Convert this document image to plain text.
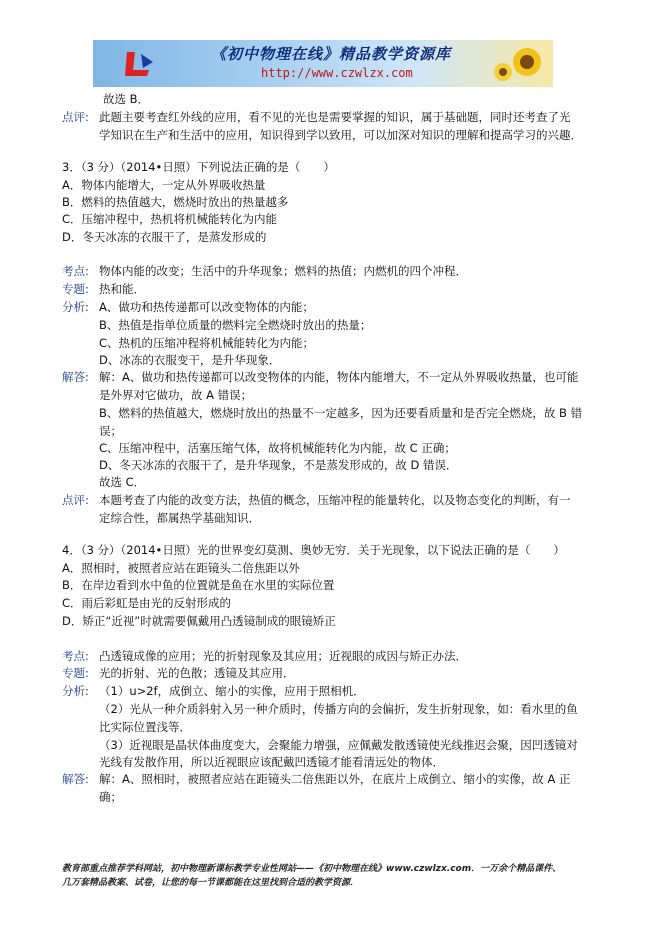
《初中物理在线》精品教学资源库
http://www.czwlzx.com
故选 B．
点评: 此题主要考查红外线的应用，看不见的光也是需要掌握的知识，属于基础题，同时还考查了光
学知识在生产和生活中的应用，知识得到学以致用，可以加深对知识的理解和提高学习的兴趣．
3．（3 分）（2014•日照）下列说法正确的是（　　）
A．物体内能增大，一定从外界吸收热量
B．燃料的热值越大，燃烧时放出的热量越多
C．压缩冲程中，热机将机械能转化为内能
D．冬天冰冻的衣服干了，是蒸发形成的
考点: 物体内能的改变；生活中的升华现象；燃料的热值；内燃机的四个冲程．
专题: 热和能．
分析: A、做功和热传递都可以改变物体的内能；
B、热值是指单位质量的燃料完全燃烧时放出的热量；
C、热机的压缩冲程将机械能转化为内能；
D、冰冻的衣服变干，是升华现象．
解答: 解：A、做功和热传递都可以改变物体的内能，物体内能增大，不一定从外界吸收热量，也可能
是外界对它做功，故 A 错误；
B、燃料的热值越大，燃烧时放出的热量不一定越多，因为还要看质量和是否完全燃烧，故 B 错
误；
C、压缩冲程中，活塞压缩气体，故将机械能转化为内能，故 C 正确；
D、冬天冰冻的衣服干了，是升华现象，不是蒸发形成的，故 D 错误．
故选 C．
点评: 本题考查了内能的改变方法，热值的概念，压缩冲程的能量转化，以及物态变化的判断，有一
定综合性，都属热学基础知识．
4．（3 分）（2014•日照）光的世界变幻莫测、奥妙无穷．关于光现象，以下说法正确的是（　　）
A．照相时，被照者应站在距镜头二倍焦距以外
B．在岸边看到水中鱼的位置就是鱼在水里的实际位置
C．雨后彩虹是由光的反射形成的
D．矫正“近视”时就需要佩戴用凸透镜制成的眼镜矫正
考点: 凸透镜成像的应用；光的折射现象及其应用；近视眼的成因与矫正办法．
专题: 光的折射、光的色散；透镜及其应用．
分析: （1）u>2f，成倒立、缩小的实像，应用于照相机．
（2）光从一种介质斜射入另一种介质时，传播方向的会偏折，发生折射现象，如：看水里的鱼
比实际位置浅等．
（3）近视眼是晶状体曲度变大，会聚能力增强，应佩戴发散透镜使光线推迟会聚，因凹透镜对
光线有发散作用，所以近视眼应该配戴凹透镜才能看清远处的物体．
解答: 解：A、照相时，被照者应站在距镜头二倍焦距以外，在底片上成倒立、缩小的实像，故 A 正
确；
教育部重点推荐学科网站，初中物理新课标教学专业性网站——《初中物理在线》www.czwlzx.com．一万余个精品课件、
几万套精品教案、试卷，让您的每一节课都能在这里找到合适的教学资源．
